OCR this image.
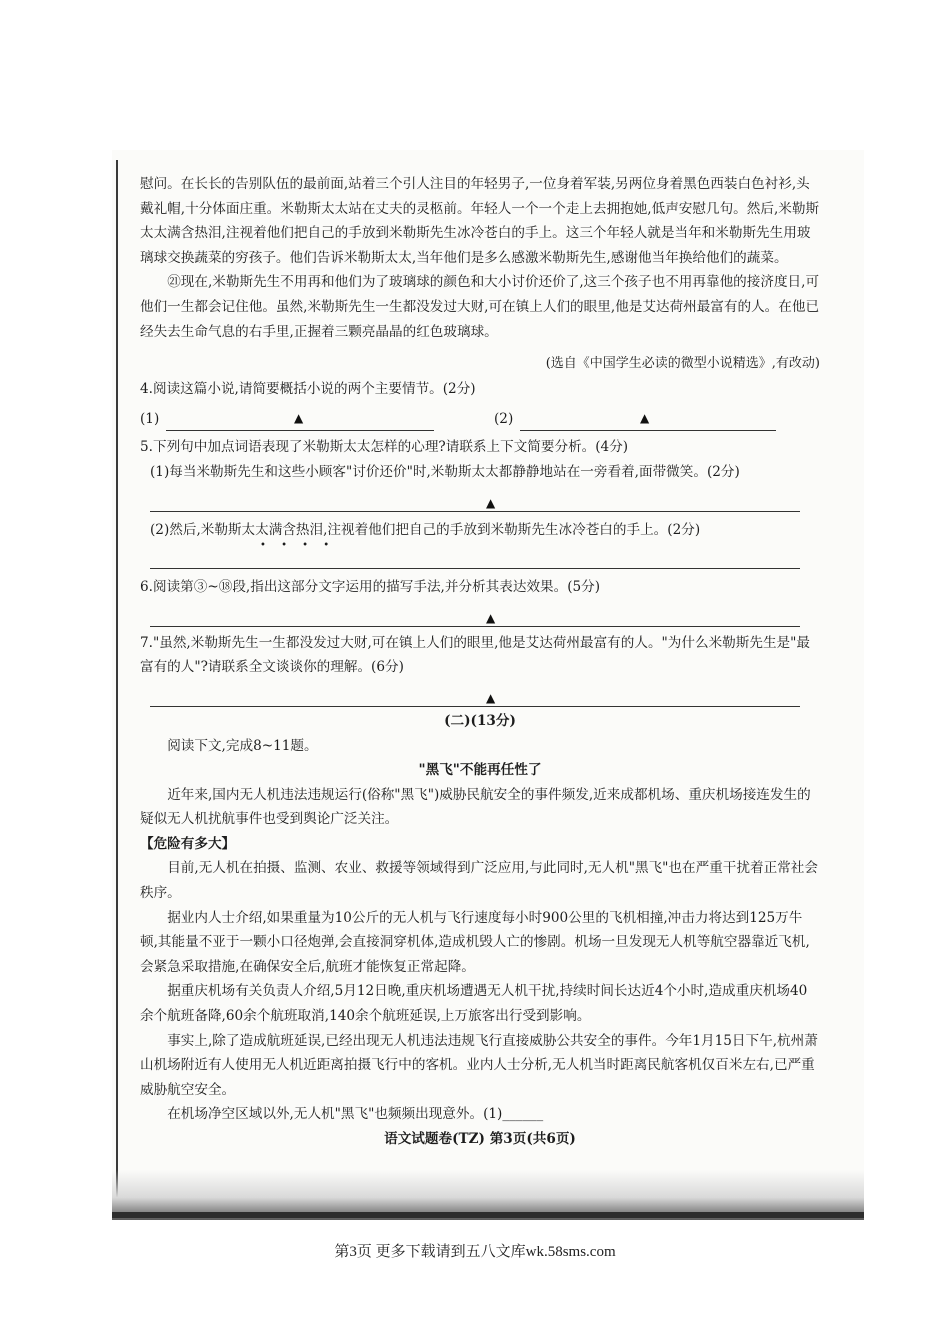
慰问。在长长的告别队伍的最前面,站着三个引人注目的年轻男子,一位身着军装,另两位身着黑色西装白色衬衫,头戴礼帽,十分体面庄重。米勒斯太太站在丈夫的灵柩前。年轻人一个一个走上去拥抱她,低声安慰几句。然后,米勒斯太太满含热泪,注视着他们把自己的手放到米勒斯先生冰冷苍白的手上。这三个年轻人就是当年和米勒斯先生用玻璃球交换蔬菜的穷孩子。他们告诉米勒斯太太,当年他们是多么感激米勒斯先生,感谢他当年换给他们的蔬菜。

㉑现在,米勒斯先生不用再和他们为了玻璃球的颜色和大小讨价还价了,这三个孩子也不用再靠他的接济度日,可他们一生都会记住他。虽然,米勒斯先生一生都没发过大财,可在镇上人们的眼里,他是艾达荷州最富有的人。在他已经失去生命气息的右手里,正握着三颗亮晶晶的红色玻璃球。

(选自《中国学生必读的微型小说精选》,有改动)

4.阅读这篇小说,请简要概括小说的两个主要情节。(2分)

(1)	▲	(2)	▲

5.下列句中加点词语表现了米勒斯太太怎样的心理?请联系上下文简要分析。(4分)

(1)每当米勒斯先生和这些小顾客"讨价还价"时,米勒斯太太都静静地站在一旁看着,面带微笑。(2分)

▲

(2)然后,米勒斯太太满含热泪,注视着他们把自己的手放到米勒斯先生冰冷苍白的手上。(2分)

• • • •

6.阅读第③~⑱段,指出这部分文字运用的描写手法,并分析其表达效果。(5分)

▲

7."虽然,米勒斯先生一生都没发过大财,可在镇上人们的眼里,他是艾达荷州最富有的人。"为什么米勒斯先生是"最富有的人"?请联系全文谈谈你的理解。(6分)

▲

(二)(13分)

阅读下文,完成8~11题。

"黑飞"不能再任性了

近年来,国内无人机违法违规运行(俗称"黑飞")威胁民航安全的事件频发,近来成都机场、重庆机场接连发生的疑似无人机扰航事件也受到舆论广泛关注。

【危险有多大】

目前,无人机在拍摄、监测、农业、救援等领域得到广泛应用,与此同时,无人机"黑飞"也在严重干扰着正常社会秩序。

据业内人士介绍,如果重量为10公斤的无人机与飞行速度每小时900公里的飞机相撞,冲击力将达到125万牛顿,其能量不亚于一颗小口径炮弹,会直接洞穿机体,造成机毁人亡的惨剧。机场一旦发现无人机等航空器靠近飞机,会紧急采取措施,在确保安全后,航班才能恢复正常起降。

据重庆机场有关负责人介绍,5月12日晚,重庆机场遭遇无人机干扰,持续时间长达近4个小时,造成重庆机场40余个航班备降,60余个航班取消,140余个航班延误,上万旅客出行受到影响。

事实上,除了造成航班延误,已经出现无人机违法违规飞行直接威胁公共安全的事件。今年1月15日下午,杭州萧山机场附近有人使用无人机近距离拍摄飞行中的客机。业内人士分析,无人机当时距离民航客机仅百米左右,已严重威胁航空安全。

在机场净空区域以外,无人机"黑飞"也频频出现意外。(1)______

语文试题卷(TZ) 第3页(共6页)

第3页 更多下载请到五八文库wk.58sms.com
